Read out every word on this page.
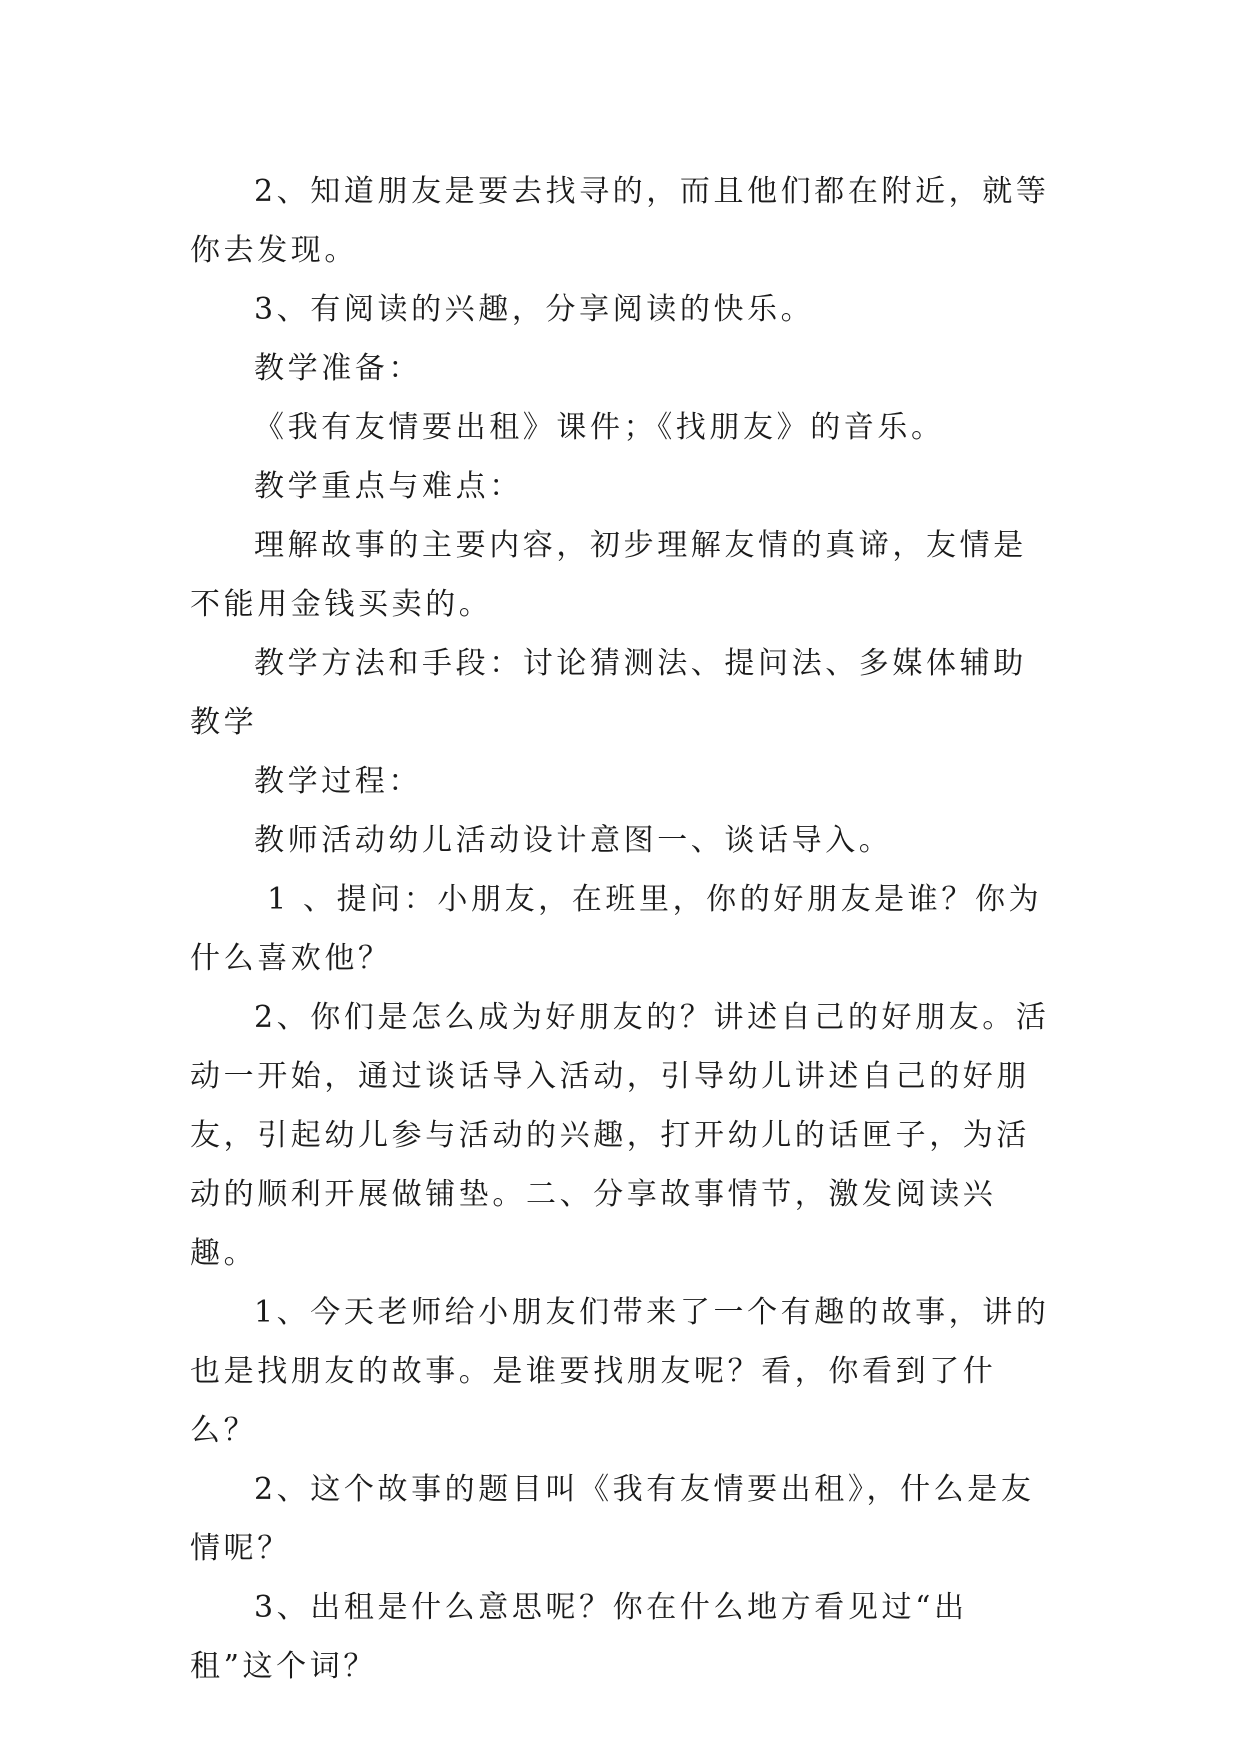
2、知道朋友是要去找寻的，而且他们都在附近，就等你去发现。

3、有阅读的兴趣，分享阅读的快乐。

教学准备：

《我有友情要出租》课件；《找朋友》的音乐。

教学重点与难点：

理解故事的主要内容，初步理解友情的真谛，友情是不能用金钱买卖的。

教学方法和手段：讨论猜测法、提问法、多媒体辅助教学

教学过程：

教师活动幼儿活动设计意图一、谈话导入。

1 、提问：小朋友，在班里，你的好朋友是谁？你为什么喜欢他？

2、你们是怎么成为好朋友的？讲述自己的好朋友。活动一开始，通过谈话导入活动，引导幼儿讲述自己的好朋友，引起幼儿参与活动的兴趣，打开幼儿的话匣子，为活动的顺利开展做铺垫。二、分享故事情节，激发阅读兴趣。

1、今天老师给小朋友们带来了一个有趣的故事，讲的也是找朋友的故事。是谁要找朋友呢？看，你看到了什么？

2、这个故事的题目叫《我有友情要出租》，什么是友情呢？

3、出租是什么意思呢？你在什么地方看见过“出租”这个词？
